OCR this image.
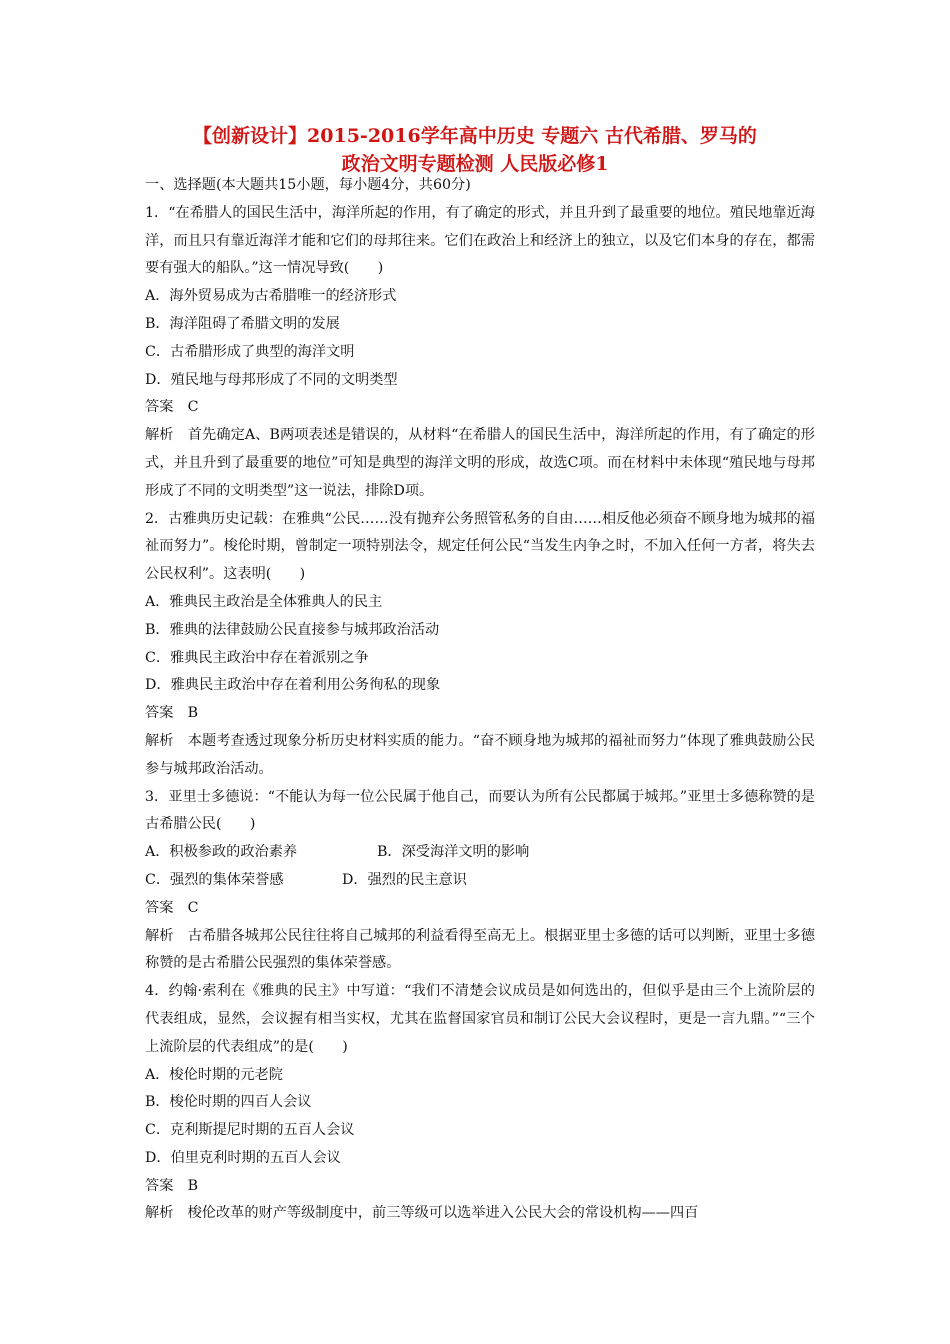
【创新设计】2015-2016学年高中历史 专题六 古代希腊、罗马的
政治文明专题检测 人民版必修1
一、选择题(本大题共15小题，每小题4分，共60分)
1．“在希腊人的国民生活中，海洋所起的作用，有了确定的形式，并且升到了最重要的地位。殖民地靠近海洋，而且只有靠近海洋才能和它们的母邦往来。它们在政治上和经济上的独立，以及它们本身的存在，都需要有强大的船队。”这一情况导致(　　)
A．海外贸易成为古希腊唯一的经济形式
B．海洋阻碍了希腊文明的发展
C．古希腊形成了典型的海洋文明
D．殖民地与母邦形成了不同的文明类型
答案　C
解析　首先确定A、B两项表述是错误的，从材料“在希腊人的国民生活中，海洋所起的作用，有了确定的形式，并且升到了最重要的地位”可知是典型的海洋文明的形成，故选C项。而在材料中未体现“殖民地与母邦形成了不同的文明类型”这一说法，排除D项。
2．古雅典历史记载：在雅典“公民……没有抛弃公务照管私务的自由……相反他必须奋不顾身地为城邦的福祉而努力”。梭伦时期，曾制定一项特别法令，规定任何公民“当发生内争之时，不加入任何一方者，将失去公民权利”。这表明(　　)
A．雅典民主政治是全体雅典人的民主
B．雅典的法律鼓励公民直接参与城邦政治活动
C．雅典民主政治中存在着派别之争
D．雅典民主政治中存在着利用公务徇私的现象
答案　B
解析　本题考查透过现象分析历史材料实质的能力。“奋不顾身地为城邦的福祉而努力”体现了雅典鼓励公民参与城邦政治活动。
3．亚里士多德说：“不能认为每一位公民属于他自己，而要认为所有公民都属于城邦。”亚里士多德称赞的是古希腊公民(　　)
A．积极参政的政治素养	B．深受海洋文明的影响
C．强烈的集体荣誉感	D．强烈的民主意识
答案　C
解析　古希腊各城邦公民往往将自己城邦的利益看得至高无上。根据亚里士多德的话可以判断，亚里士多德称赞的是古希腊公民强烈的集体荣誉感。
4．约翰·索利在《雅典的民主》中写道：“我们不清楚会议成员是如何选出的，但似乎是由三个上流阶层的代表组成，显然，会议握有相当实权，尤其在监督国家官员和制订公民大会议程时，更是一言九鼎。”“三个上流阶层的代表组成”的是(　　)
A．梭伦时期的元老院
B．梭伦时期的四百人会议
C．克利斯提尼时期的五百人会议
D．伯里克利时期的五百人会议
答案　B
解析　梭伦改革的财产等级制度中，前三等级可以选举进入公民大会的常设机构——四百
